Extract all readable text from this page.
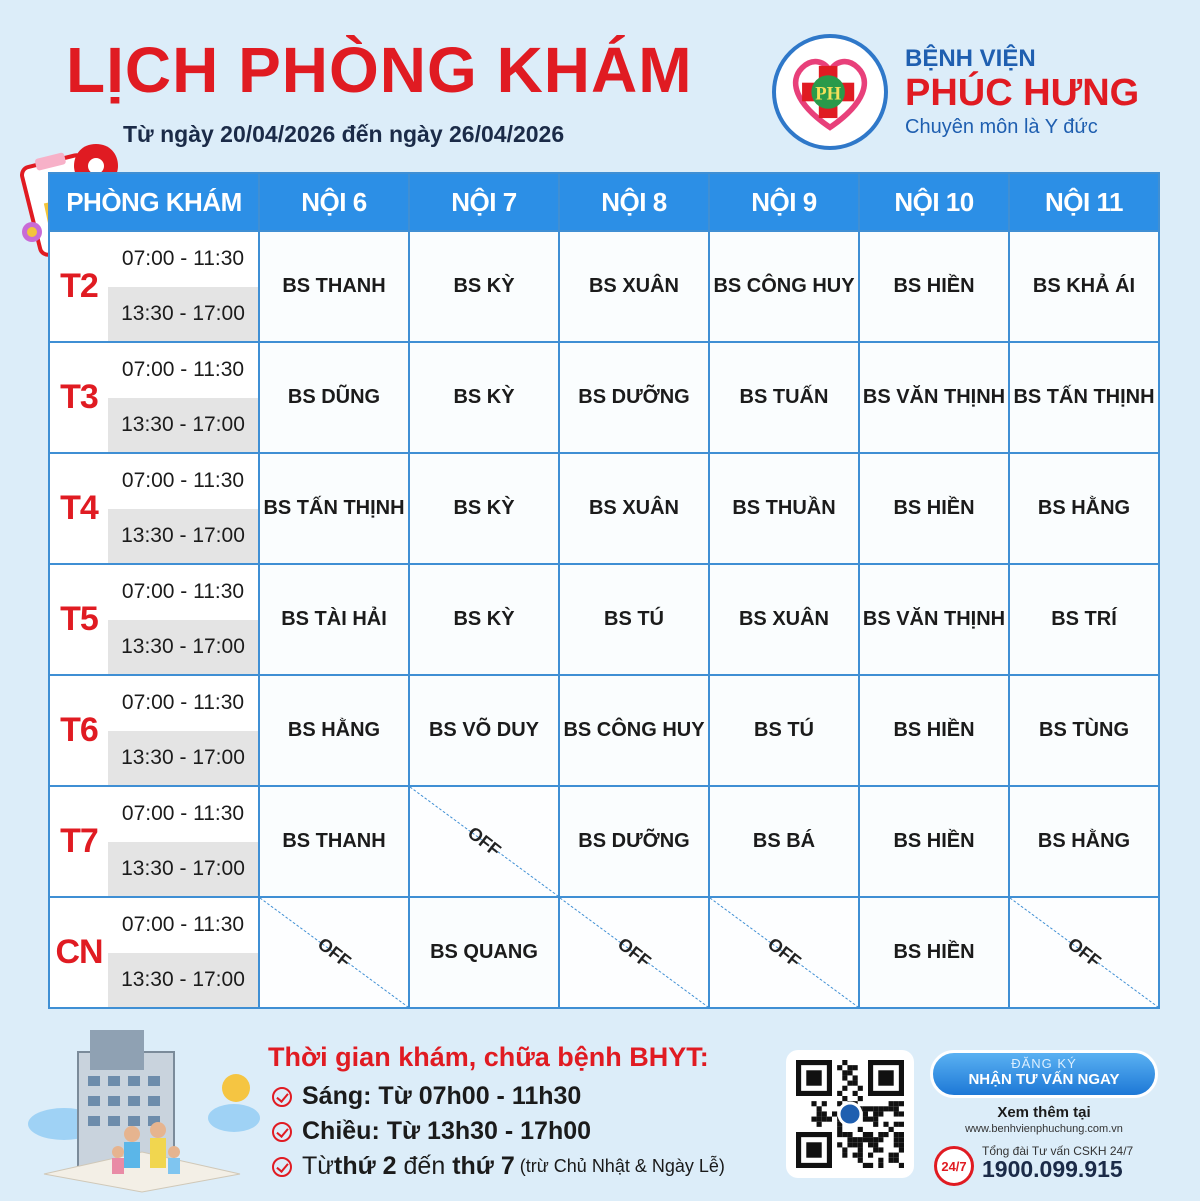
LỊCH PHÒNG KHÁM
Từ ngày 20/04/2026 đến ngày 26/04/2026
PH
BỆNH VIỆN
PHÚC HƯNG
Chuyên môn là Y đức
PHÒNG KHÁM	NỘI 6	NỘI 7	NỘI 8	NỘI 9	NỘI 10	NỘI 11

T2
07:00 - 11:30
13:30 - 17:00	BS THANH	BS KỲ	BS XUÂN	BS CÔNG HUY	BS HIỀN	BS KHẢ ÁI

T3
07:00 - 11:30
13:30 - 17:00	BS DŨNG	BS KỲ	BS DƯỠNG	BS TUẤN	BS VĂN THỊNH	BS TẤN THỊNH

T4
07:00 - 11:30
13:30 - 17:00	BS TẤN THỊNH	BS KỲ	BS XUÂN	BS THUẦN	BS HIỀN	BS HẰNG

T5
07:00 - 11:30
13:30 - 17:00	BS TÀI HẢI	BS KỲ	BS TÚ	BS XUÂN	BS VĂN THỊNH	BS TRÍ

T6
07:00 - 11:30
13:30 - 17:00	BS HẰNG	BS VÕ DUY	BS CÔNG HUY	BS TÚ	BS HIỀN	BS TÙNG

T7
07:00 - 11:30
13:30 - 17:00	BS THANH	OFF	BS DƯỠNG	BS BÁ	BS HIỀN	BS HẰNG

CN
07:00 - 11:30
13:30 - 17:00	OFF	BS QUANG	OFF	OFF	BS HIỀN	OFF
Thời gian khám, chữa bệnh BHYT:
Sáng: Từ 07h00 - 11h30
Chiều: Từ 13h30 - 17h00
Từ thứ 2 đến thứ 7 (trừ Chủ Nhật & Ngày Lễ)
ĐĂNG KÝ
NHẬN TƯ VẤN NGAY
Xem thêm tại
www.benhvienphuchung.com.vn
24/7
Tổng đài Tư vấn CSKH 24/7
1900.099.915
